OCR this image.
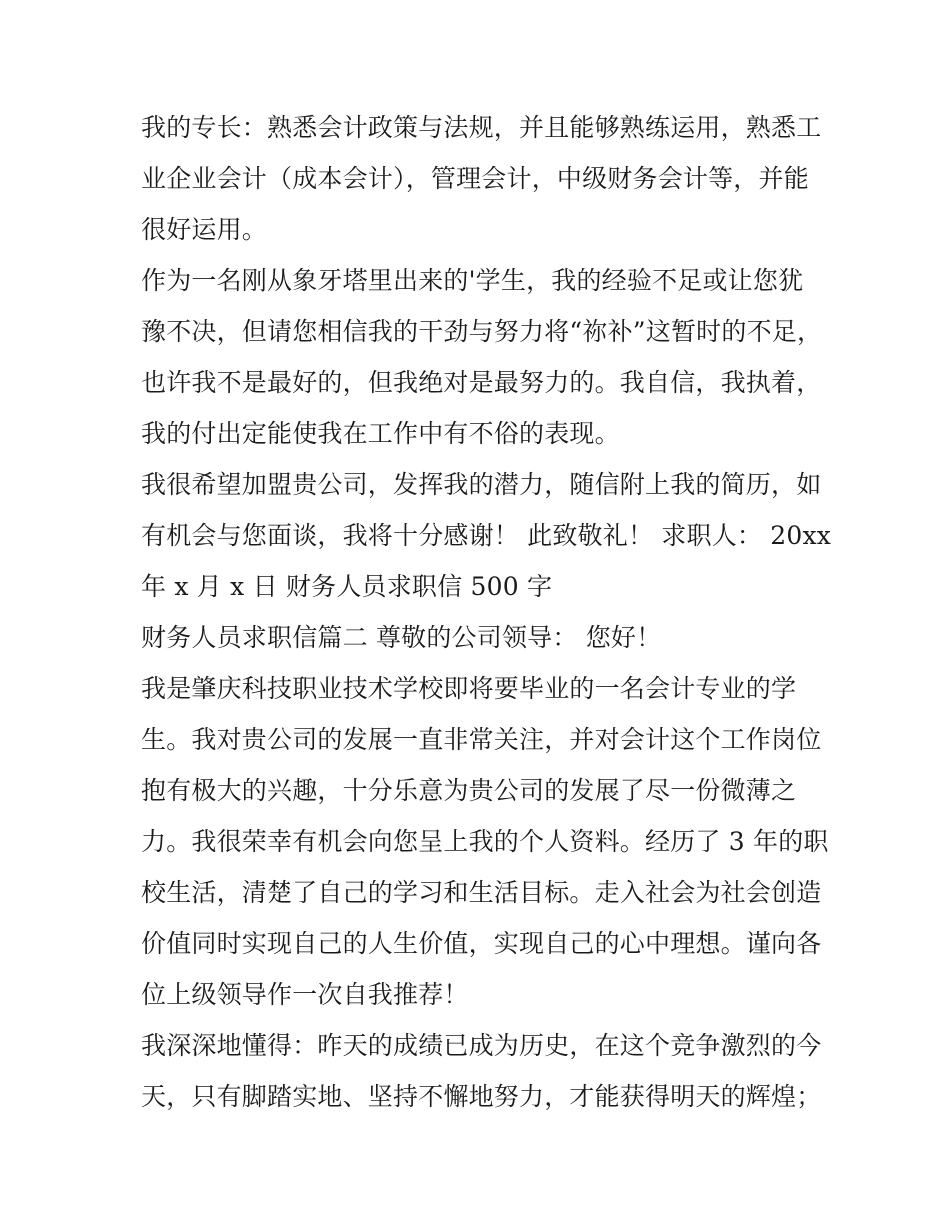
我的专长：熟悉会计政策与法规，并且能够熟练运用，熟悉工
业企业会计（成本会计），管理会计，中级财务会计等，并能
很好运用。
作为一名刚从象牙塔里出来的'学生，我的经验不足或让您犹
豫不决，但请您相信我的干劲与努力将“祢补”这暂时的不足，
也许我不是最好的，但我绝对是最努力的。我自信，我执着，
我的付出定能使我在工作中有不俗的表现。
我很希望加盟贵公司，发挥我的潜力，随信附上我的简历，如
有机会与您面谈，我将十分感谢！ 此致敬礼！ 求职人： 20xx
年 x 月 x 日 财务人员求职信 500 字
财务人员求职信篇二 尊敬的公司领导： 您好！
我是肇庆科技职业技术学校即将要毕业的一名会计专业的学
生。我对贵公司的发展一直非常关注，并对会计这个工作岗位
抱有极大的兴趣，十分乐意为贵公司的发展了尽一份微薄之
力。我很荣幸有机会向您呈上我的个人资料。经历了 3 年的职
校生活，清楚了自己的学习和生活目标。走入社会为社会创造
价值同时实现自己的人生价值，实现自己的心中理想。谨向各
位上级领导作一次自我推荐！
我深深地懂得：昨天的成绩已成为历史，在这个竞争激烈的今
天，只有脚踏实地、坚持不懈地努力，才能获得明天的辉煌；
